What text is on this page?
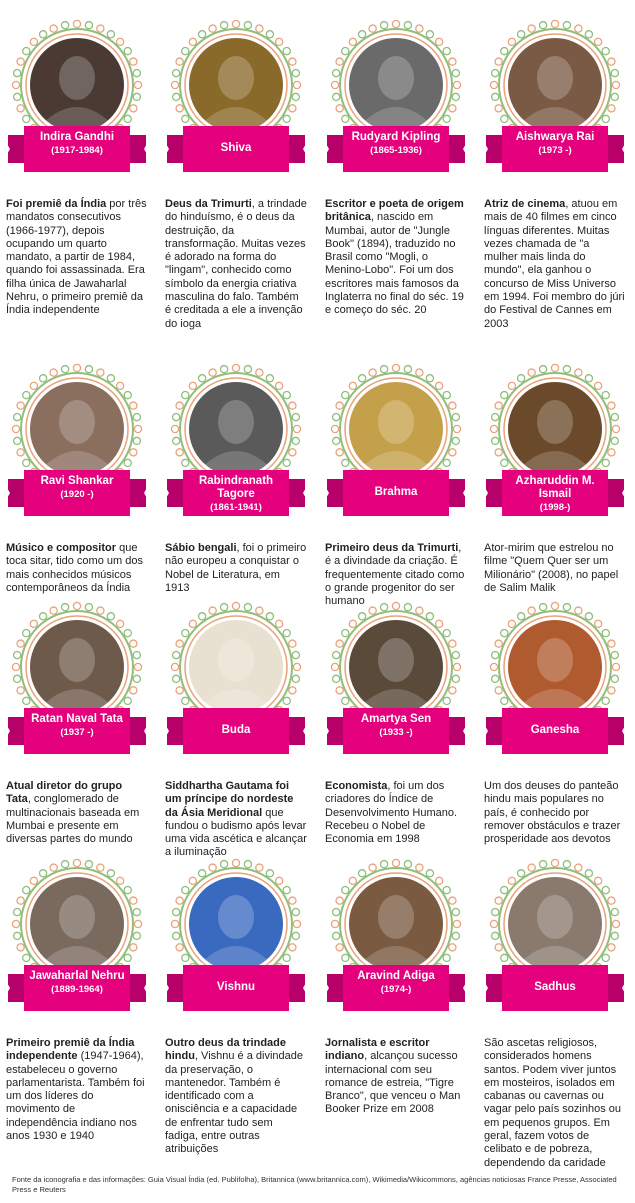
Indira Gandhi
(1917-1984)
Foi premiê da Índia por três mandatos consecutivos (1966-1977), depois ocupando um quarto mandato, a partir de 1984, quando foi assassinada. Era filha única de Jawaharlal Nehru, o primeiro premiê da Índia independente
Shiva
Deus da Trimurti, a trindade do hinduísmo, é o deus da destruição, da transformação. Muitas vezes é adorado na forma do "lingam", conhecido como símbolo da energia criativa masculina do falo. Também é creditada a ele a invenção do ioga
Rudyard Kipling
(1865-1936)
Escritor e poeta de origem britânica, nascido em Mumbai, autor de "Jungle Book" (1894), traduzido no Brasil como "Mogli, o Menino-Lobo". Foi um dos escritores mais famosos da Inglaterra no final do séc. 19 e começo do séc. 20
Aishwarya Rai
(1973 -)
Atriz de cinema, atuou em mais de 40 filmes em cinco línguas diferentes. Muitas vezes chamada de "a mulher mais linda do mundo", ela ganhou o concurso de Miss Universo em 1994. Foi membro do júri do Festival de Cannes em 2003
Ravi Shankar
(1920 -)
Músico e compositor que toca sitar, tido como um dos mais conhecidos músicos contemporâneos da Índia
Rabindranath Tagore
(1861-1941)
Sábio bengali, foi o primeiro não europeu a conquistar o Nobel de Literatura, em 1913
Brahma
Primeiro deus da Trimurti, é a divindade da criação. É frequentemente citado como o grande progenitor do ser humano
Azharuddin M. Ismail
(1998-)
Ator-mirim que estrelou no filme "Quem Quer ser um Milionário" (2008), no papel de Salim Malik
Ratan Naval Tata
(1937 -)
Atual diretor do grupo Tata, conglomerado de multinacionais baseada em Mumbai e presente em diversas partes do mundo
Buda
Siddhartha Gautama foi um príncipe do nordeste da Ásia Meridional que fundou o budismo após levar uma vida ascética e alcançar a iluminação
Amartya Sen
(1933 -)
Economista, foi um dos criadores do Índice de Desenvolvimento Humano. Recebeu o Nobel de Economia em 1998
Ganesha
Um dos deuses do panteão hindu mais populares no país, é conhecido por remover obstáculos e trazer prosperidade aos devotos
Jawaharlal Nehru
(1889-1964)
Primeiro premiê da Índia independente (1947-1964), estabeleceu o governo parlamentarista. Também foi um dos líderes do movimento de independência indiano nos anos 1930 e 1940
Vishnu
Outro deus da trindade hindu, Vishnu é a divindade da preservação, o mantenedor. Também é identificado com a onisciência e a capacidade de enfrentar tudo sem fadiga, entre outras atribuições
Aravind Adiga
(1974-)
Jornalista e escritor indiano, alcançou sucesso internacional com seu romance de estreia, "Tigre Branco", que venceu o Man Booker Prize em 2008
Sadhus
São ascetas religiosos, considerados homens santos. Podem viver juntos em mosteiros, isolados em cabanas ou cavernas ou vagar pelo país sozinhos ou em pequenos grupos. Em geral, fazem votos de celibato e de pobreza, dependendo da caridade
Fonte da iconografia e das informações: Guia Visual Índia (ed. Publifolha), Britannica (www.britannica.com), Wikimedia/Wikicommons, agências noticiosas France Presse, Associated Press e Reuters
